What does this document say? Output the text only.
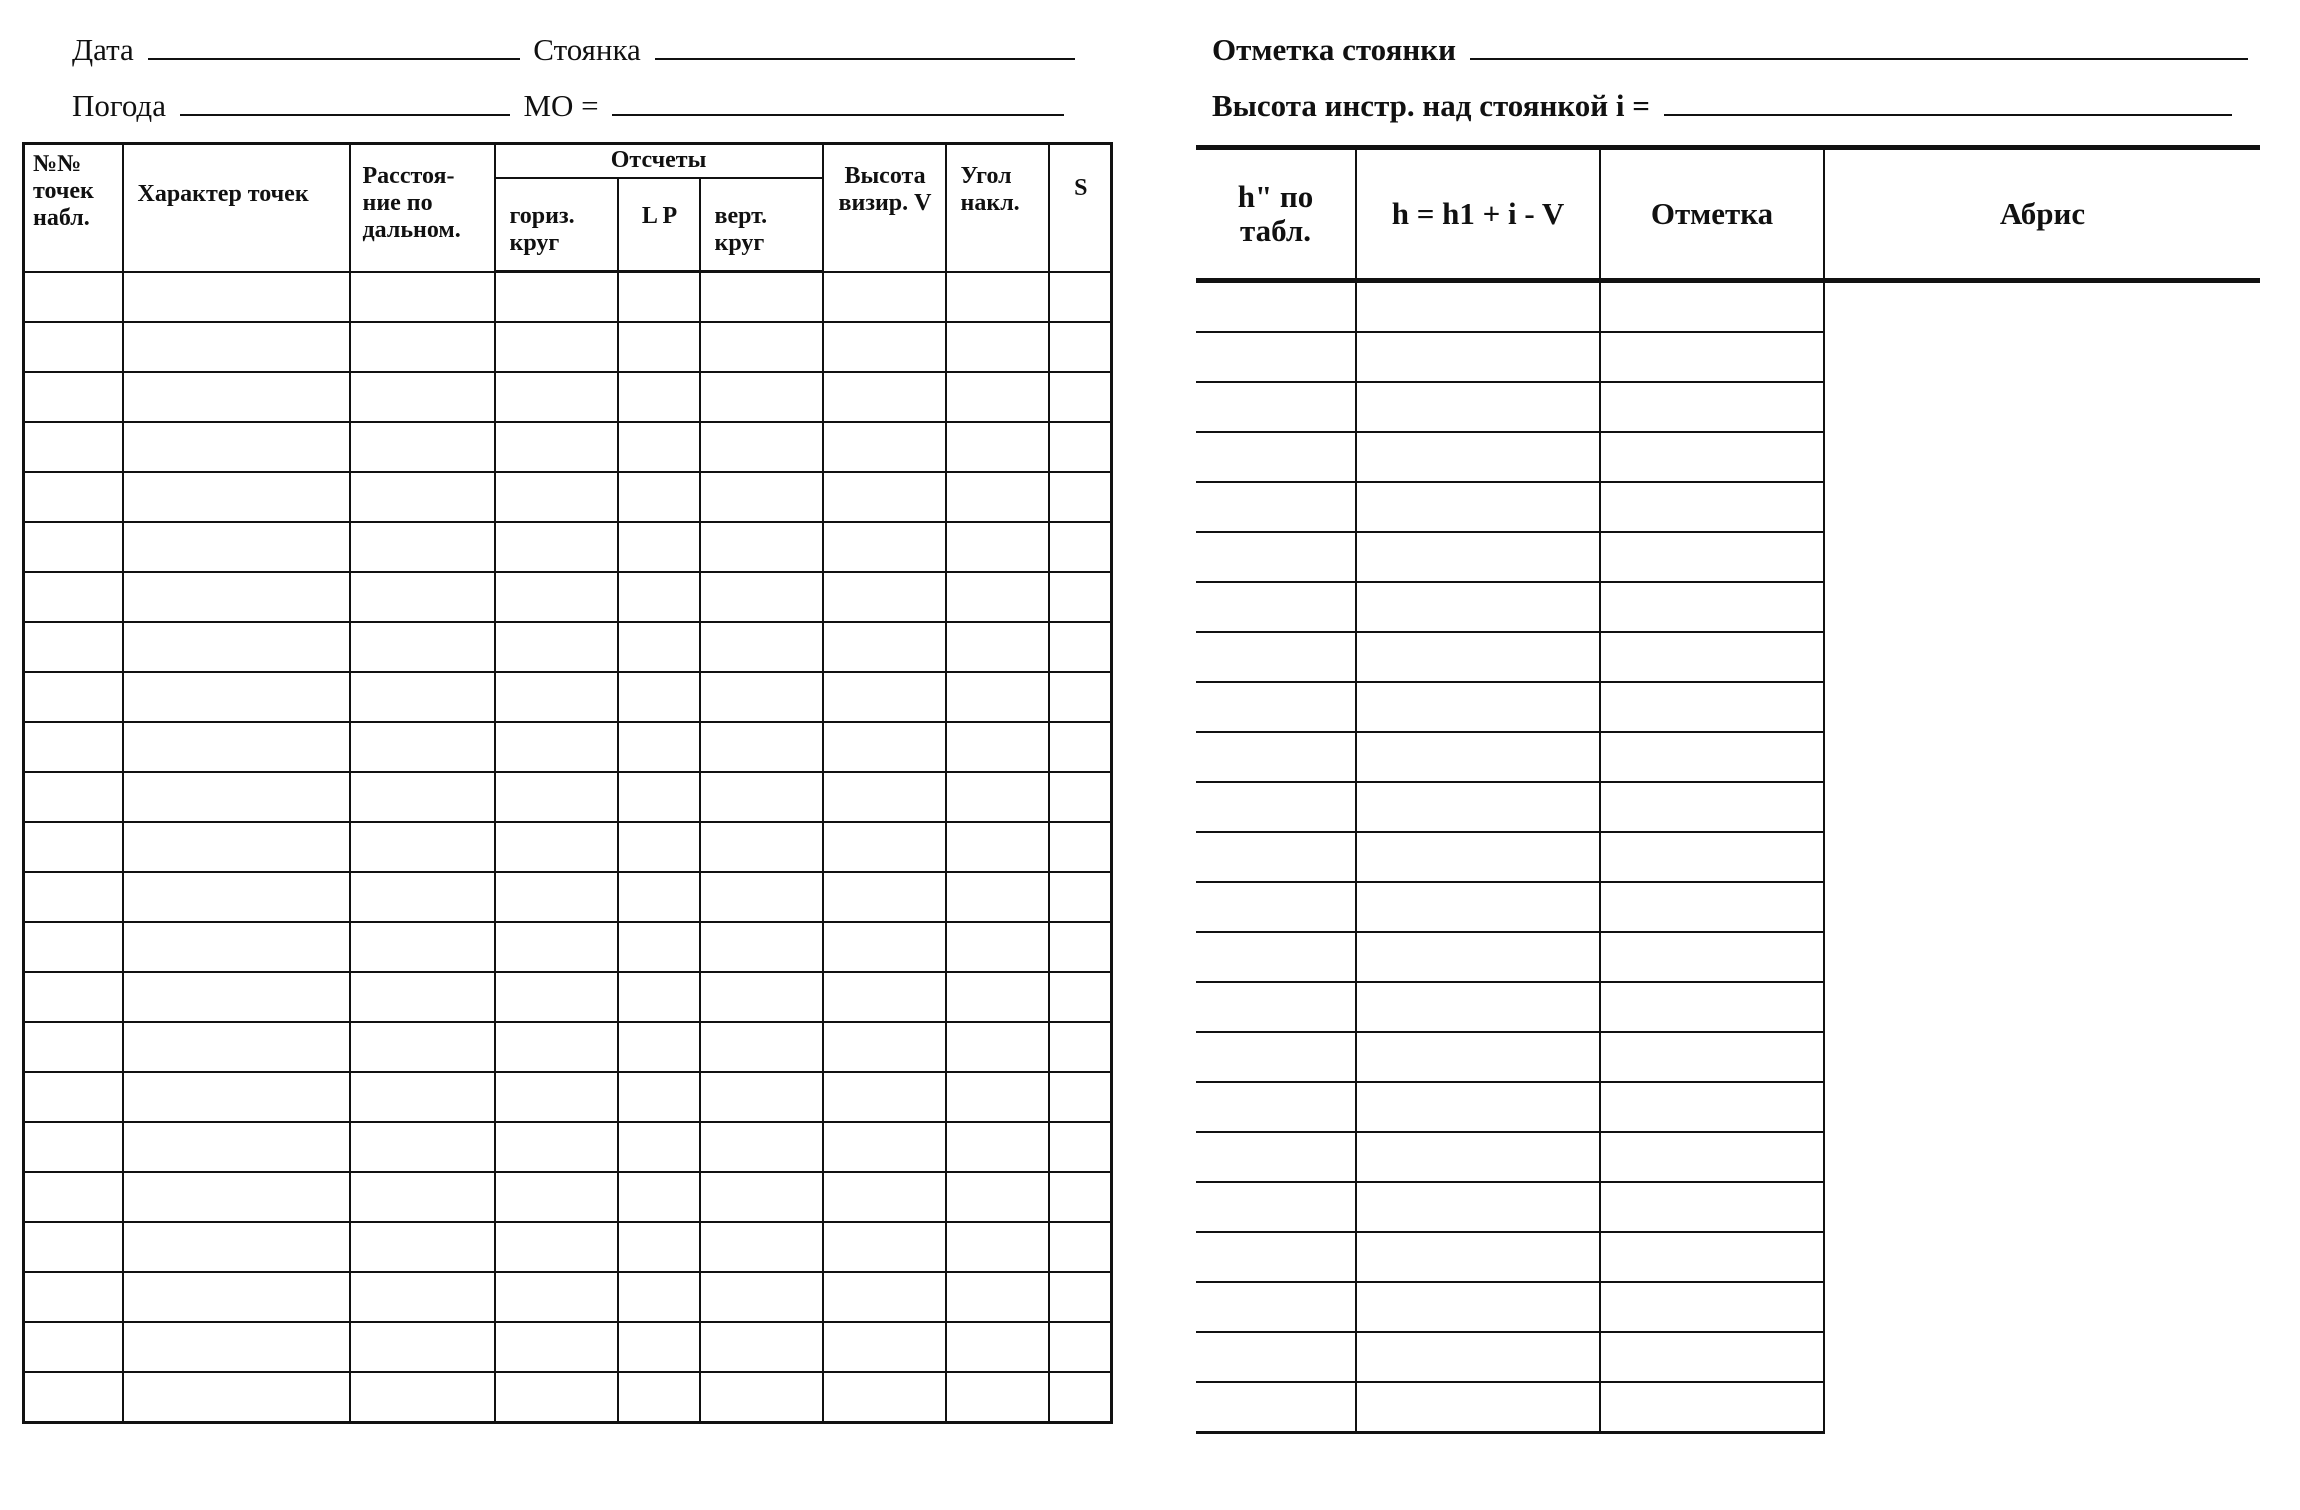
Дата	Стоянка
Погода	МО =
Отметка стоянки
Высота инстр. над стоянкой i =
№№ точек набл.	Характер точек	Расстоя- ние по дальном.	Отсчеты			Высота визир. V	Угол накл.	S
			гориз. круг	L P	верт. круг			

h" по табл.	h = h1 + i - V	Отметка	Абрис
